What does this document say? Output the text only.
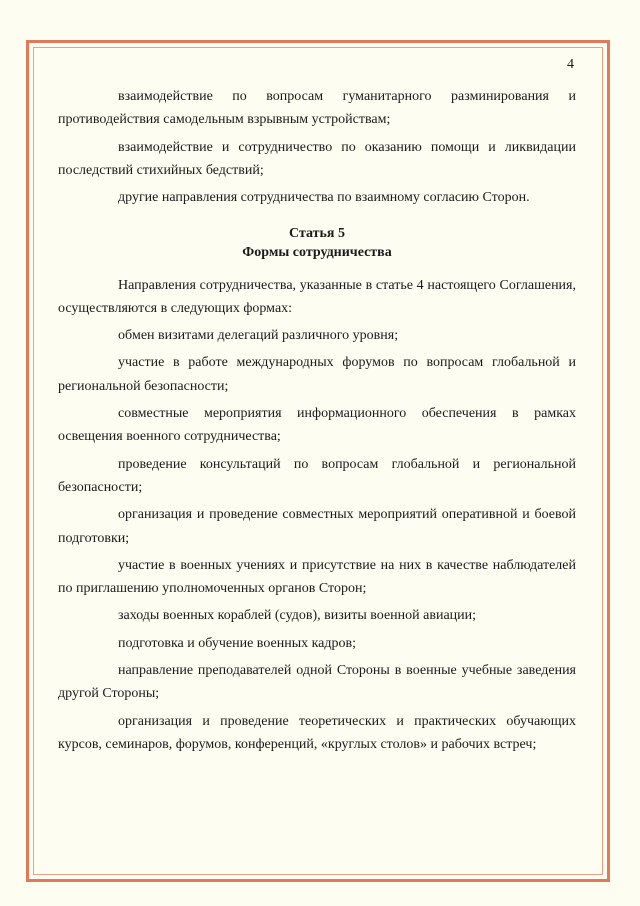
4

взаимодействие по вопросам гуманитарного разминирования и противодействия самодельным взрывным устройствам;

взаимодействие и сотрудничество по оказанию помощи и ликвидации последствий стихийных бедствий;

другие направления сотрудничества по взаимному согласию Сторон.

Статья 5
Формы сотрудничества

Направления сотрудничества, указанные в статье 4 настоящего Соглашения, осуществляются в следующих формах:

обмен визитами делегаций различного уровня;

участие в работе международных форумов по вопросам глобальной и региональной безопасности;

совместные мероприятия информационного обеспечения в рамках освещения военного сотрудничества;

проведение консультаций по вопросам глобальной и региональной безопасности;

организация и проведение совместных мероприятий оперативной и боевой подготовки;

участие в военных учениях и присутствие на них в качестве наблюдателей по приглашению уполномоченных органов Сторон;

заходы военных кораблей (судов), визиты военной авиации;

подготовка и обучение военных кадров;

направление преподавателей одной Стороны в военные учебные заведения другой Стороны;

организация и проведение теоретических и практических обучающих курсов, семинаров, форумов, конференций, «круглых столов» и рабочих встреч;
